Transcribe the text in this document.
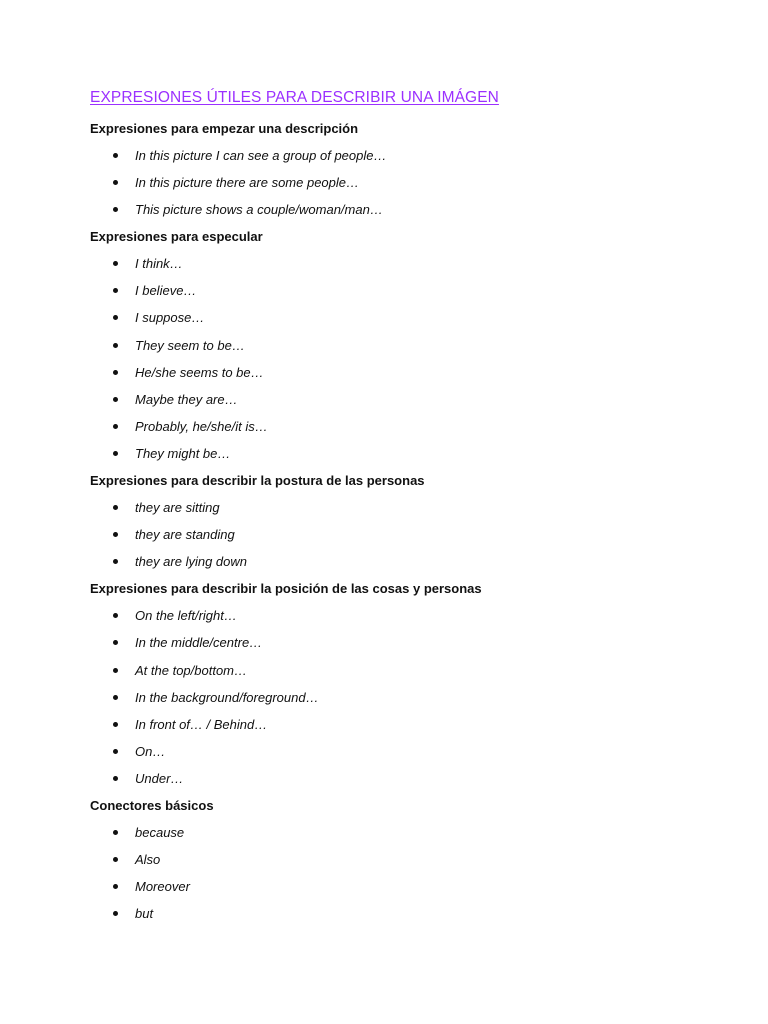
EXPRESIONES ÚTILES PARA DESCRIBIR UNA IMÁGEN
Expresiones para empezar una descripción
In this picture I can see a group of people…
In this picture there are some people…
This picture shows a couple/woman/man…
Expresiones para especular
I think…
I believe…
I suppose…
They seem to be…
He/she seems to be…
Maybe they are…
Probably, he/she/it is…
They might be…
Expresiones para describir la postura de las personas
they are sitting
they are standing
they are lying down
Expresiones para describir la posición de las cosas y personas
On the left/right…
In the middle/centre…
At the top/bottom…
In the background/foreground…
In front of… / Behind…
On…
Under…
Conectores básicos
because
Also
Moreover
but
